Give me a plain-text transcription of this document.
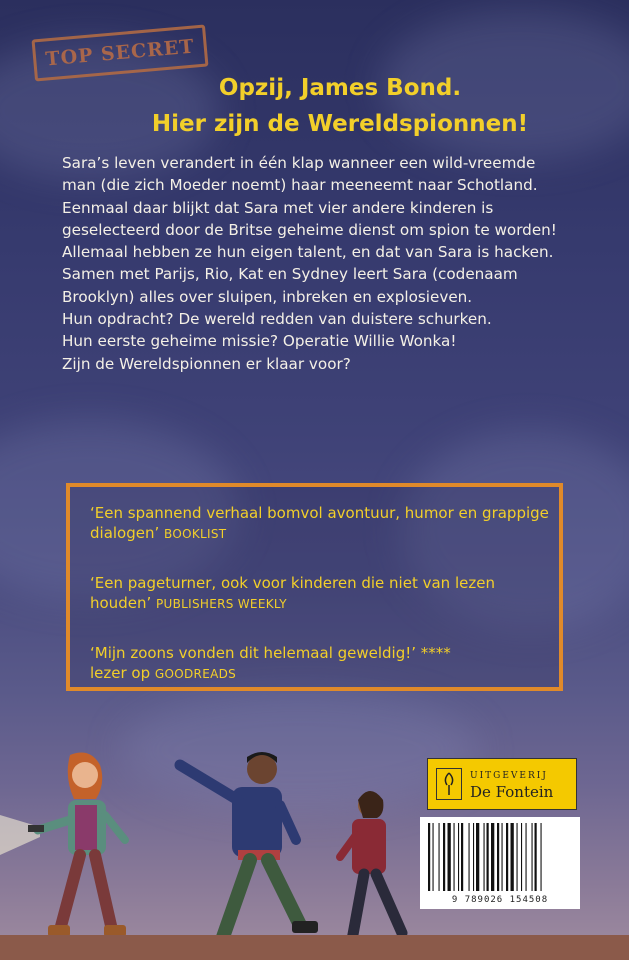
TOP SECRET
Opzij, James Bond.
Hier zijn de Wereldspionnen!

Sara’s leven verandert in één klap wanneer een wild-vreemde man (die zich Moeder noemt) haar meeneemt naar Schotland. Eenmaal daar blijkt dat Sara met vier andere kinderen is geselecteerd door de Britse geheime dienst om spion te worden!

Allemaal hebben ze hun eigen talent, en dat van Sara is hacken. Samen met Parijs, Rio, Kat en Sydney leert Sara (codenaam Brooklyn) alles over sluipen, inbreken en explosieven.

Hun opdracht? De wereld redden van duistere schurken.

Hun eerste geheime missie? Operatie Willie Wonka!

Zijn de Wereldspionnen er klaar voor?

‘Een spannend verhaal bomvol avontuur, humor en grappige dialogen’ BOOKLIST
‘Een pageturner, ook voor kinderen die niet van lezen houden’ PUBLISHERS WEEKLY
‘Mijn zoons vonden dit helemaal geweldig!’ ****
lezer op GOODREADS
UITGEVERIJ
De Fontein
9 789026 154508
